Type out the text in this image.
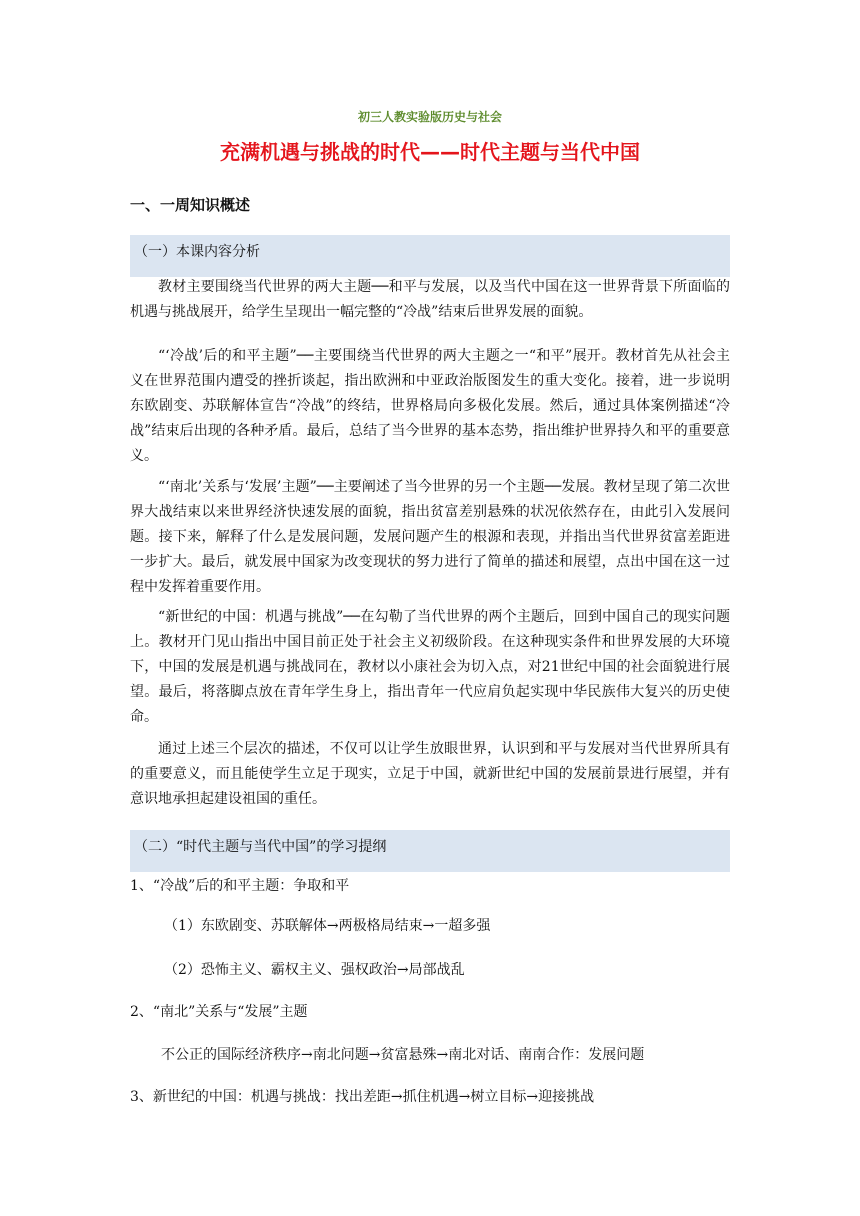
初三人教实验版历史与社会
充满机遇与挑战的时代——时代主题与当代中国
一、一周知识概述
（一）本课内容分析

教材主要围绕当代世界的两大主题──和平与发展，以及当代中国在这一世界背景下所面临的机遇与挑战展开，给学生呈现出一幅完整的“冷战”结束后世界发展的面貌。

“‘冷战’后的和平主题”──主要围绕当代世界的两大主题之一“和平”展开。教材首先从社会主义在世界范围内遭受的挫折谈起，指出欧洲和中亚政治版图发生的重大变化。接着，进一步说明东欧剧变、苏联解体宣告“冷战”的终结，世界格局向多极化发展。然后，通过具体案例描述“冷战”结束后出现的各种矛盾。最后，总结了当今世界的基本态势，指出维护世界持久和平的重要意义。

“‘南北’关系与‘发展’主题”──主要阐述了当今世界的另一个主题──发展。教材呈现了第二次世界大战结束以来世界经济快速发展的面貌，指出贫富差别悬殊的状况依然存在，由此引入发展问题。接下来，解释了什么是发展问题，发展问题产生的根源和表现，并指出当代世界贫富差距进一步扩大。最后，就发展中国家为改变现状的努力进行了简单的描述和展望，点出中国在这一过程中发挥着重要作用。

“新世纪的中国：机遇与挑战”──在勾勒了当代世界的两个主题后，回到中国自己的现实问题上。教材开门见山指出中国目前正处于社会主义初级阶段。在这种现实条件和世界发展的大环境下，中国的发展是机遇与挑战同在，教材以小康社会为切入点，对21世纪中国的社会面貌进行展望。最后，将落脚点放在青年学生身上，指出青年一代应肩负起实现中华民族伟大复兴的历史使命。

通过上述三个层次的描述，不仅可以让学生放眼世界，认识到和平与发展对当代世界所具有的重要意义，而且能使学生立足于现实，立足于中国，就新世纪中国的发展前景进行展望，并有意识地承担起建设祖国的重任。

（二）“时代主题与当代中国”的学习提纲
1、“冷战”后的和平主题：争取和平
（1）东欧剧变、苏联解体→两极格局结束→一超多强
（2）恐怖主义、霸权主义、强权政治→局部战乱
2、“南北”关系与“发展”主题
不公正的国际经济秩序→南北问题→贫富悬殊→南北对话、南南合作：发展问题
3、新世纪的中国：机遇与挑战：找出差距→抓住机遇→树立目标→迎接挑战
